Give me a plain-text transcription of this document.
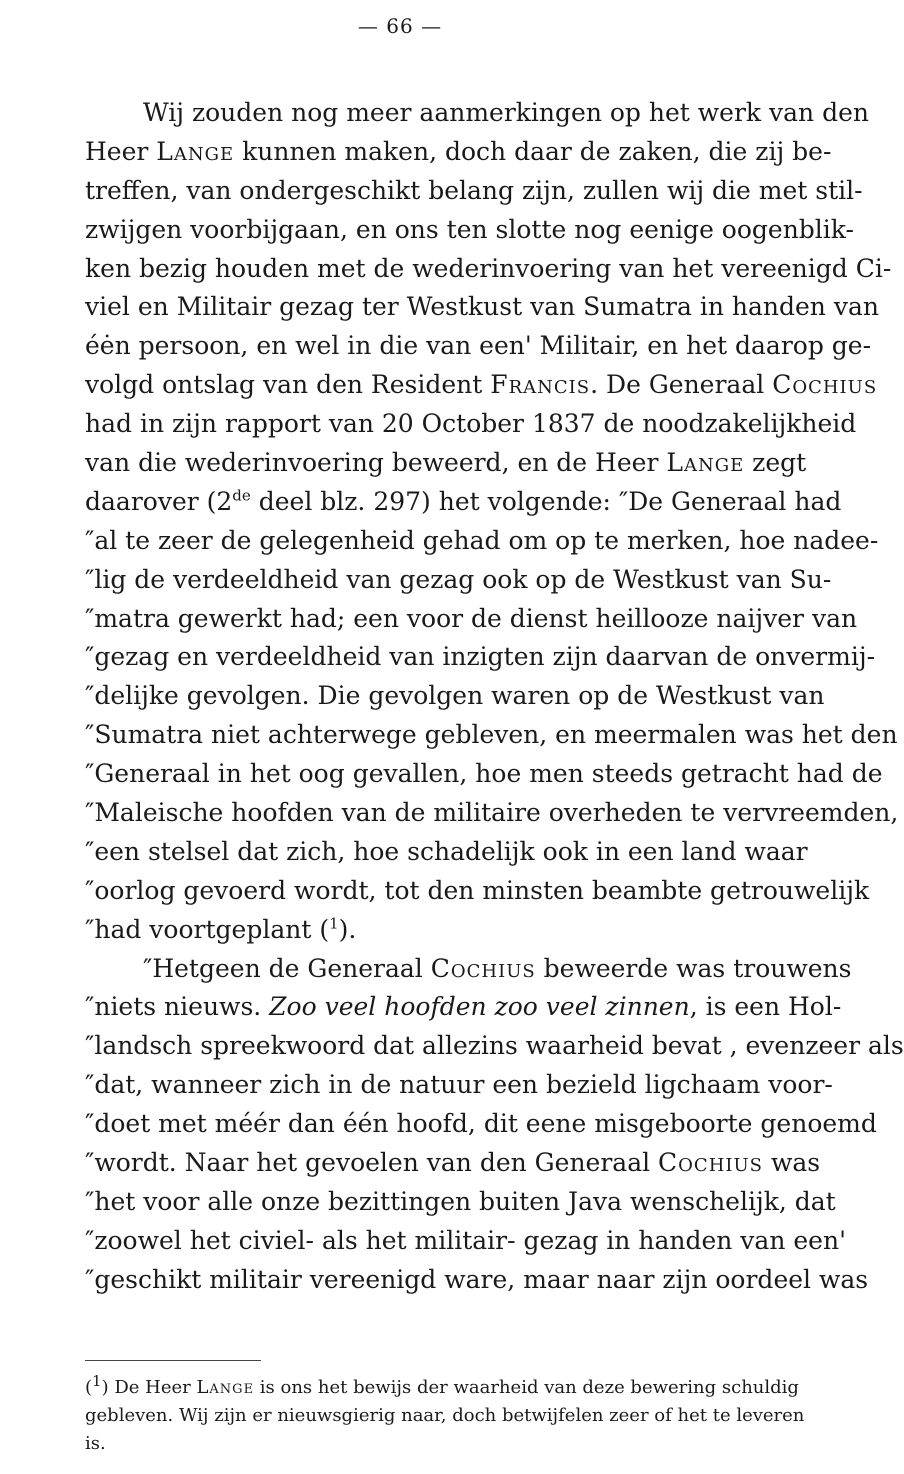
— 66 —
Wij zouden nog meer aanmerkingen op het werk van den
Heer Lange kunnen maken, doch daar de zaken, die zij be-
treffen, van ondergeschikt belang zijn, zullen wij die met stil-
zwijgen voorbijgaan, en ons ten slotte nog eenige oogenblik-
ken bezig houden met de wederinvoering van het vereenigd Ci-
viel en Militair gezag ter Westkust van Sumatra in handen van
éėn persoon, en wel in die van een' Militair, en het daarop ge-
volgd ontslag van den Resident Francis. De Generaal Cochius
had in zijn rapport van 20 October 1837 de noodzakelijkheid
van die wederinvoering beweerd, en de Heer Lange zegt
daarover (2de deel blz. 297) het volgende: ″De Generaal had
″al te zeer de gelegenheid gehad om op te merken, hoe nadee-
″lig de verdeeldheid van gezag ook op de Westkust van Su-
″matra gewerkt had; een voor de dienst heillooze naijver van
″gezag en verdeeldheid van inzigten zijn daarvan de onvermij-
″delijke gevolgen. Die gevolgen waren op de Westkust van
″Sumatra niet achterwege gebleven, en meermalen was het den
″Generaal in het oog gevallen, hoe men steeds getracht had de
″Maleische hoofden van de militaire overheden te vervreemden,
″een stelsel dat zich, hoe schadelijk ook in een land waar
″oorlog gevoerd wordt, tot den minsten beambte getrouwelijk
″had voortgeplant ($^1$).
″Hetgeen de Generaal Cochius beweerde was trouwens
″niets nieuws. Zoo veel hoofden zoo veel zinnen, is een Hol-
″landsch spreekwoord dat allezins waarheid bevat , evenzeer als
″dat, wanneer zich in de natuur een bezield ligchaam voor-
″doet met méér dan één hoofd, dit eene misgeboorte genoemd
″wordt. Naar het gevoelen van den Generaal Cochius was
″het voor alle onze bezittingen buiten Java wenschelijk, dat
″zoowel het civiel- als het militair- gezag in handen van een'
″geschikt militair vereenigd ware, maar naar zijn oordeel was
($^1$) De Heer Lange is ons het bewijs der waarheid van deze bewering schuldig
gebleven. Wij zijn er nieuwsgierig naar, doch betwijfelen zeer of het te leveren
is.
